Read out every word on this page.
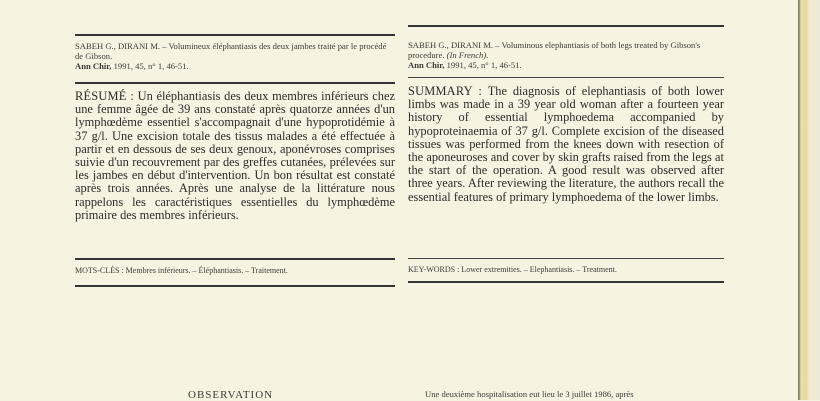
SABEH G., DIRANI M. – Volumineux éléphantiasis des deux jambes traité par le procédé de Gibson.
Ann Chir, 1991, 45, n° 1, 46-51.
RÉSUMÉ : Un éléphantiasis des deux membres inférieurs chez une femme âgée de 39 ans constaté après quatorze années d'un lymphœdème essentiel s'accompagnait d'une hypoprotidémie à 37 g/l. Une excision totale des tissus malades a été effectuée à partir et en dessous de ses deux genoux, aponévroses comprises suivie d'un recouvrement par des greffes cutanées, prélevées sur les jambes en début d'intervention. Un bon résultat est constaté après trois années. Après une analyse de la littérature nous rappelons les caractéristiques essentielles du lymphœdème primaire des membres inférieurs.
MOTS-CLÉS : Membres inférieurs. – Éléphantiasis. – Traitement.
SABEH G., DIRANI M. – Voluminous elephantiasis of both legs treated by Gibson's procedure. (In French).
Ann Chir, 1991, 45, n° 1, 46-51.
SUMMARY : The diagnosis of elephantiasis of both lower limbs was made in a 39 year old woman after a fourteen year history of essential lymphoedema accompanied by hypoproteinaemia of 37 g/l. Complete excision of the diseased tissues was performed from the knees down with resection of the aponeuroses and cover by skin grafts raised from the legs at the start of the operation. A good result was observed after three years. After reviewing the literature, the authors recall the essential features of primary lymphoedema of the lower limbs.
KEY-WORDS : Lower extremities. – Elephantiasis. – Treatment.
OBSERVATION	Une deuxième hospitalisation eut lieu le 3 juillet 1986, après
